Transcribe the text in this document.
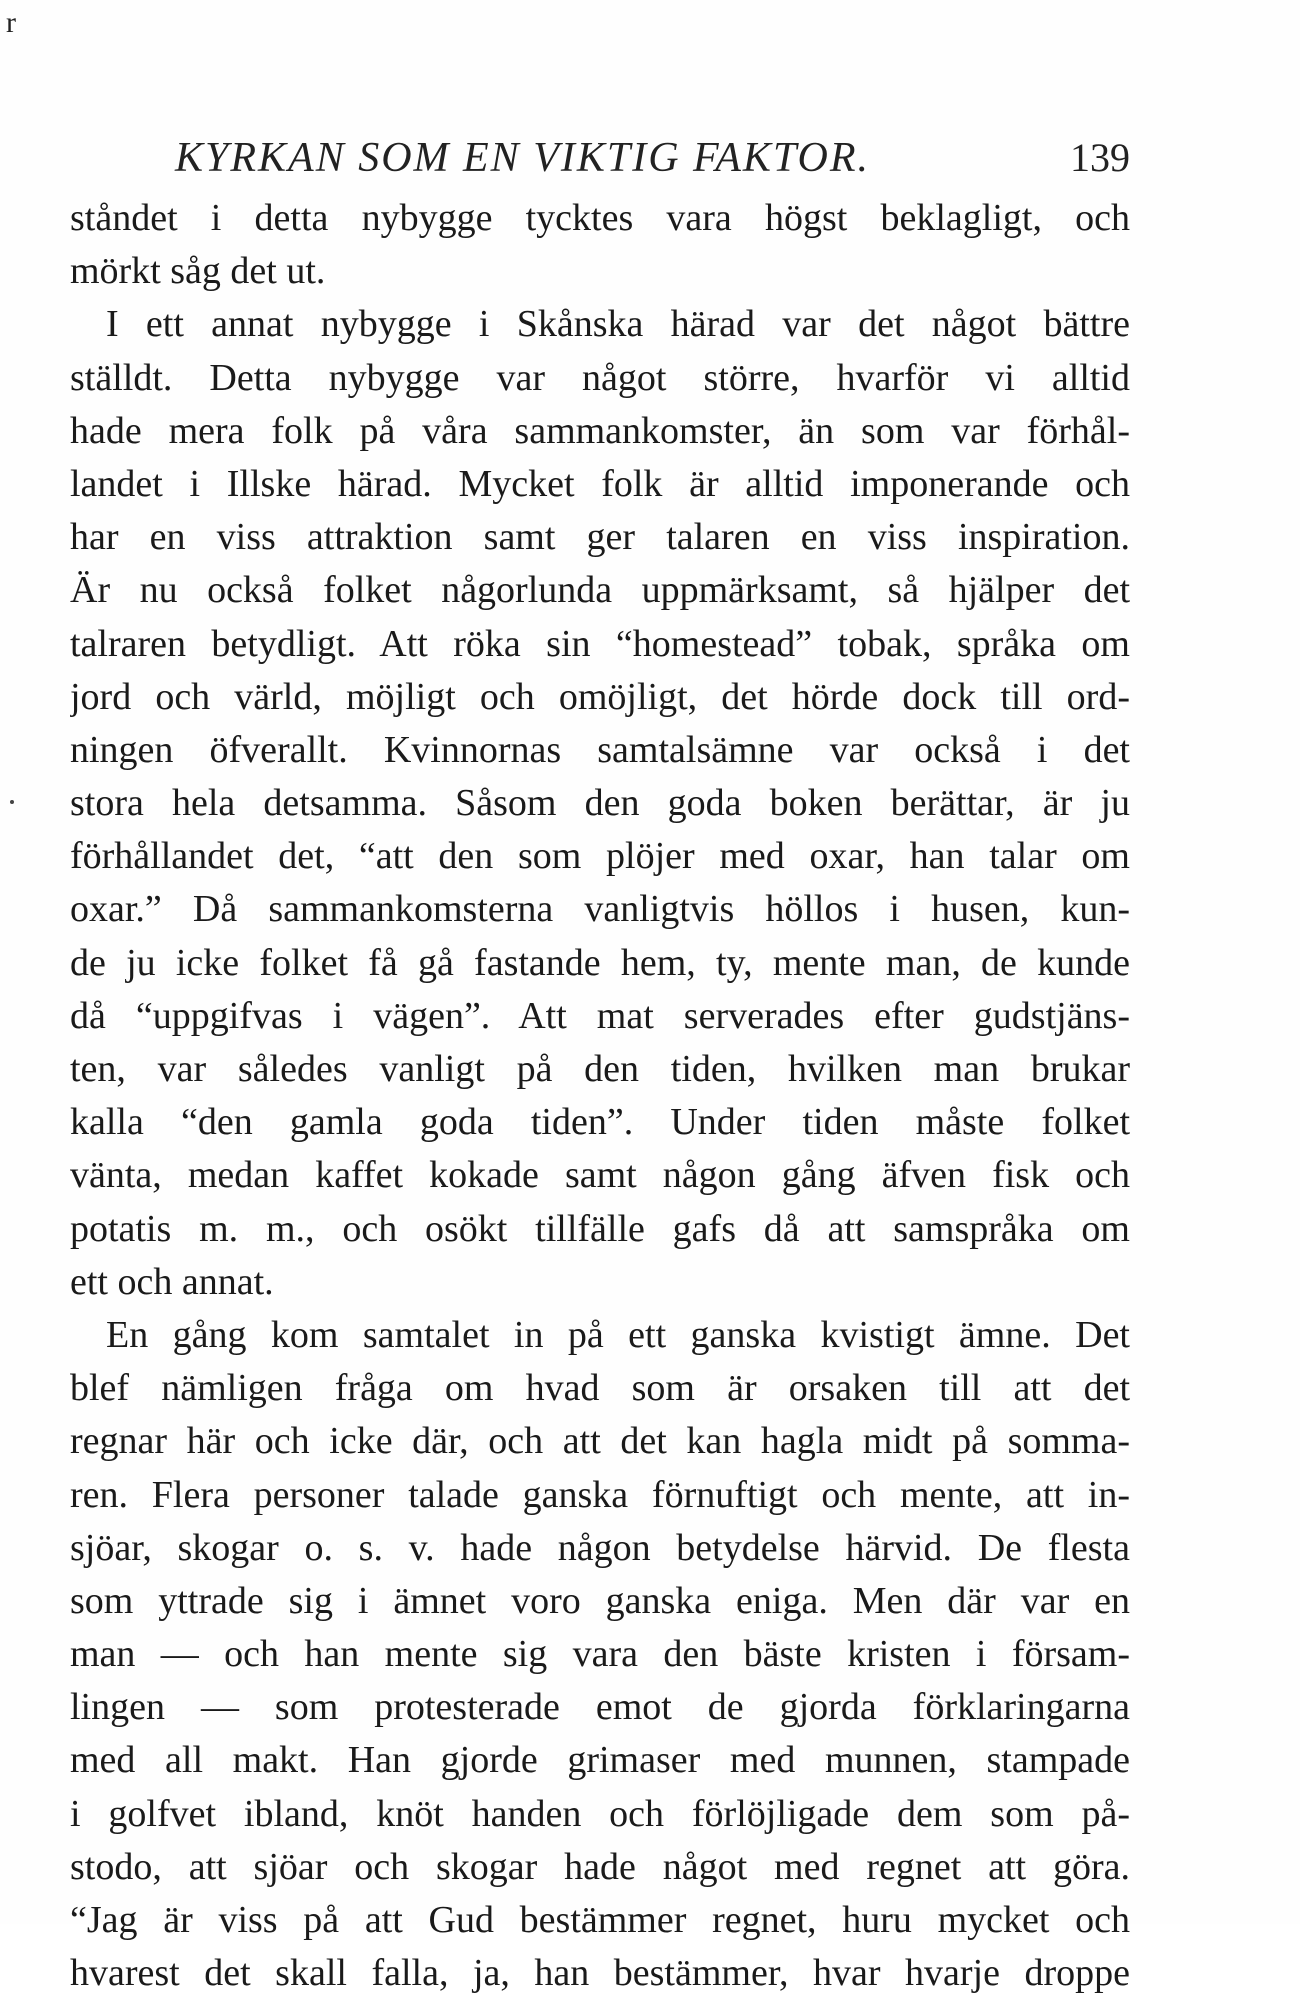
r
KYRKAN SOM EN VIKTIG FAKTOR.	139
ståndet i detta nybygge tycktes vara högst beklagligt, och
mörkt såg det ut.
I ett annat nybygge i Skånska härad var det något bättre
ställdt. Detta nybygge var något större, hvarför vi alltid
hade mera folk på våra sammankomster, än som var förhål-
landet i Illske härad. Mycket folk är alltid imponerande och
har en viss attraktion samt ger talaren en viss inspiration.
Är nu också folket någorlunda uppmärksamt, så hjälper det
talraren betydligt. Att röka sin “homestead” tobak, språka om
jord och värld, möjligt och omöjligt, det hörde dock till ord-
ningen öfverallt. Kvinnornas samtalsämne var också i det
stora hela detsamma. Såsom den goda boken berättar, är ju
förhållandet det, “att den som plöjer med oxar, han talar om
oxar.” Då sammankomsterna vanligtvis höllos i husen, kun-
de ju icke folket få gå fastande hem, ty, mente man, de kunde
då “uppgifvas i vägen”. Att mat serverades efter gudstjäns-
ten, var således vanligt på den tiden, hvilken man brukar
kalla “den gamla goda tiden”. Under tiden måste folket
vänta, medan kaffet kokade samt någon gång äfven fisk och
potatis m. m., och osökt tillfälle gafs då att samspråka om
ett och annat.
En gång kom samtalet in på ett ganska kvistigt ämne. Det
blef nämligen fråga om hvad som är orsaken till att det
regnar här och icke där, och att det kan hagla midt på somma-
ren. Flera personer talade ganska förnuftigt och mente, att in-
sjöar, skogar o. s. v. hade någon betydelse härvid. De flesta
som yttrade sig i ämnet voro ganska eniga. Men där var en
man — och han mente sig vara den bäste kristen i försam-
lingen — som protesterade emot de gjorda förklaringarna
med all makt. Han gjorde grimaser med munnen, stampade
i golfvet ibland, knöt handen och förlöjligade dem som på-
stodo, att sjöar och skogar hade något med regnet att göra.
“Jag är viss på att Gud bestämmer regnet, huru mycket och
hvarest det skall falla, ja, han bestämmer, hvar hvarje droppe
